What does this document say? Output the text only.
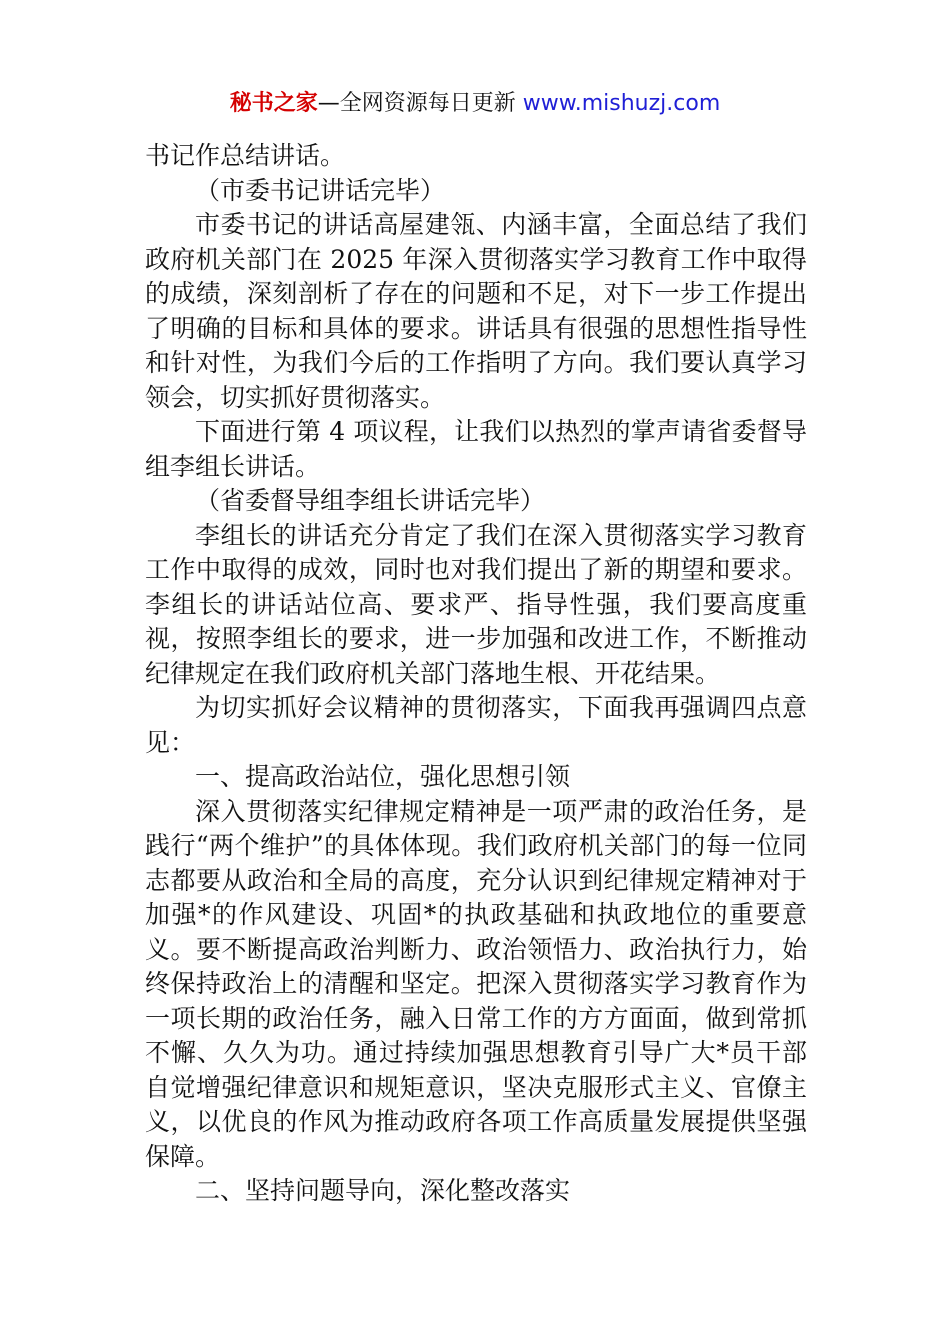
秘书之家—全网资源每日更新 www.mishuzj.com

书记作总结讲话。

（市委书记讲话完毕）

市委书记的讲话高屋建瓴、内涵丰富，全面总结了我们政府机关部门在 2025 年深入贯彻落实学习教育工作中取得的成绩，深刻剖析了存在的问题和不足，对下一步工作提出了明确的目标和具体的要求。讲话具有很强的思想性指导性和针对性，为我们今后的工作指明了方向。我们要认真学习领会，切实抓好贯彻落实。

下面进行第 4 项议程，让我们以热烈的掌声请省委督导组李组长讲话。

（省委督导组李组长讲话完毕）

李组长的讲话充分肯定了我们在深入贯彻落实学习教育工作中取得的成效，同时也对我们提出了新的期望和要求。李组长的讲话站位高、要求严、指导性强，我们要高度重视，按照李组长的要求，进一步加强和改进工作，不断推动纪律规定在我们政府机关部门落地生根、开花结果。

为切实抓好会议精神的贯彻落实，下面我再强调四点意见：

一、提高政治站位，强化思想引领

深入贯彻落实纪律规定精神是一项严肃的政治任务，是践行“两个维护”的具体体现。我们政府机关部门的每一位同志都要从政治和全局的高度，充分认识到纪律规定精神对于加强*的作风建设、巩固*的执政基础和执政地位的重要意义。要不断提高政治判断力、政治领悟力、政治执行力，始终保持政治上的清醒和坚定。把深入贯彻落实学习教育作为一项长期的政治任务，融入日常工作的方方面面，做到常抓不懈、久久为功。通过持续加强思想教育引导广大*员干部自觉增强纪律意识和规矩意识，坚决克服形式主义、官僚主义，以优良的作风为推动政府各项工作高质量发展提供坚强保障。

二、坚持问题导向，深化整改落实
